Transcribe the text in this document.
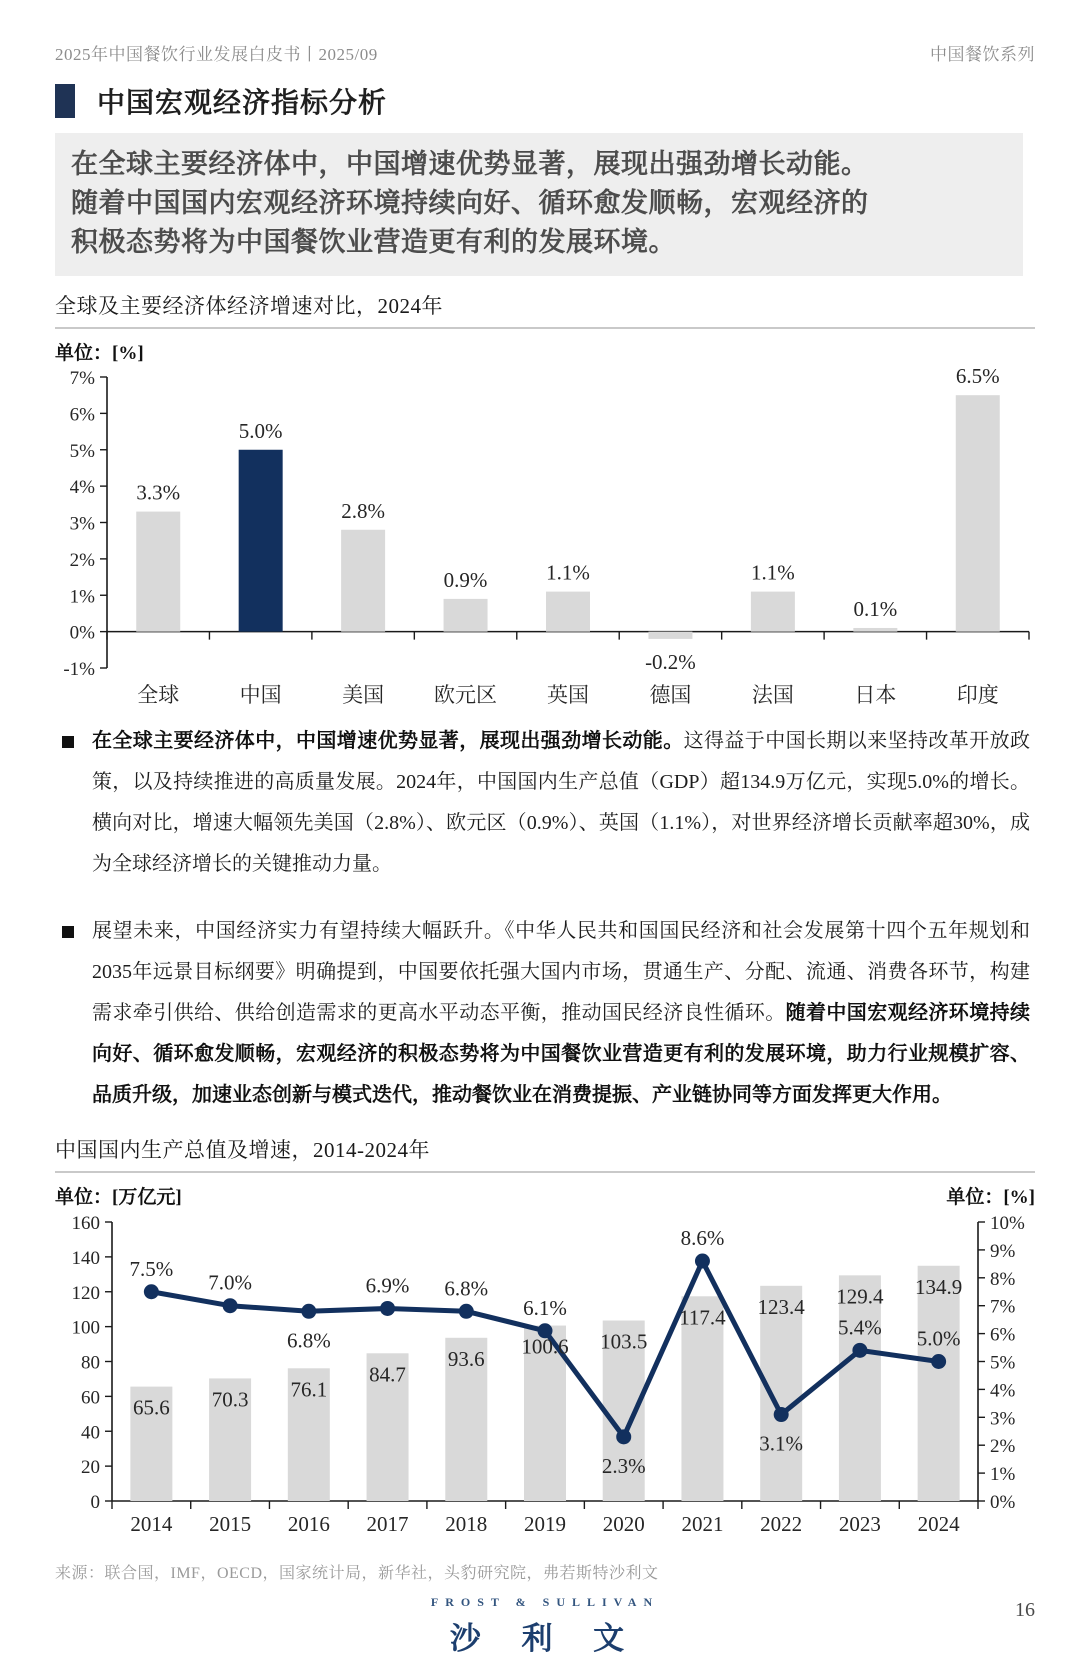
2025年中国餐饮行业发展白皮书丨2025/09	中国餐饮系列
中国宏观经济指标分析
在全球主要经济体中，中国增速优势显著，展现出强劲增长动能。
随着中国国内宏观经济环境持续向好、循环愈发顺畅，宏观经济的
积极态势将为中国餐饮业营造更有利的发展环境。
全球及主要经济体经济增速对比，2024年
单位：[%]
-1%
0%
1%
2%
3%
4%
5%
6%
7%
3.3%
全球
5.0%
中国
2.8%
美国
0.9%
欧元区
1.1%
英国
-0.2%
德国
1.1%
法国
0.1%
日本
6.5%
印度

在全球主要经济体中，中国增速优势显著，展现出强劲增长动能。这得益于中国长期以来坚持改革开放政策，以及持续推进的高质量发展。2024年，中国国内生产总值（GDP）超134.9万亿元，实现5.0%的增长。横向对比，增速大幅领先美国（2.8%）、欧元区（0.9%）、英国（1.1%），对世界经济增长贡献率超30%，成为全球经济增长的关键推动力量。

展望未来，中国经济实力有望持续大幅跃升。《中华人民共和国国民经济和社会发展第十四个五年规划和2035年远景目标纲要》明确提到，中国要依托强大国内市场，贯通生产、分配、流通、消费各环节，构建需求牵引供给、供给创造需求的更高水平动态平衡，推动国民经济良性循环。随着中国宏观经济环境持续向好、循环愈发顺畅，宏观经济的积极态势将为中国餐饮业营造更有利的发展环境，助力行业规模扩容、品质升级，加速业态创新与模式迭代，推动餐饮业在消费提振、产业链协同等方面发挥更大作用。

中国国内生产总值及增速，2014-2024年
单位：[万亿元]	单位：[%]
0
20
40
60
80
100
120
140
160
0%
1%
2%
3%
4%
5%
6%
7%
8%
9%
10%
65.6 70.3 76.1
84.7
93.6
100.6 103.5
117.4 123.4 129.4 134.9
7.5%
7.0%
6.8%
6.9% 6.8%
6.1%
2.3%
8.6%
3.1%
5.4% 5.0%
2014 2015 2016 2017 2018 2019 2020 2021 2022 2023 2024
来源：联合国，IMF，OECD，国家统计局，新华社，头豹研究院，弗若斯特沙利文
FROST & SULLIVAN
沙 利 文
16
